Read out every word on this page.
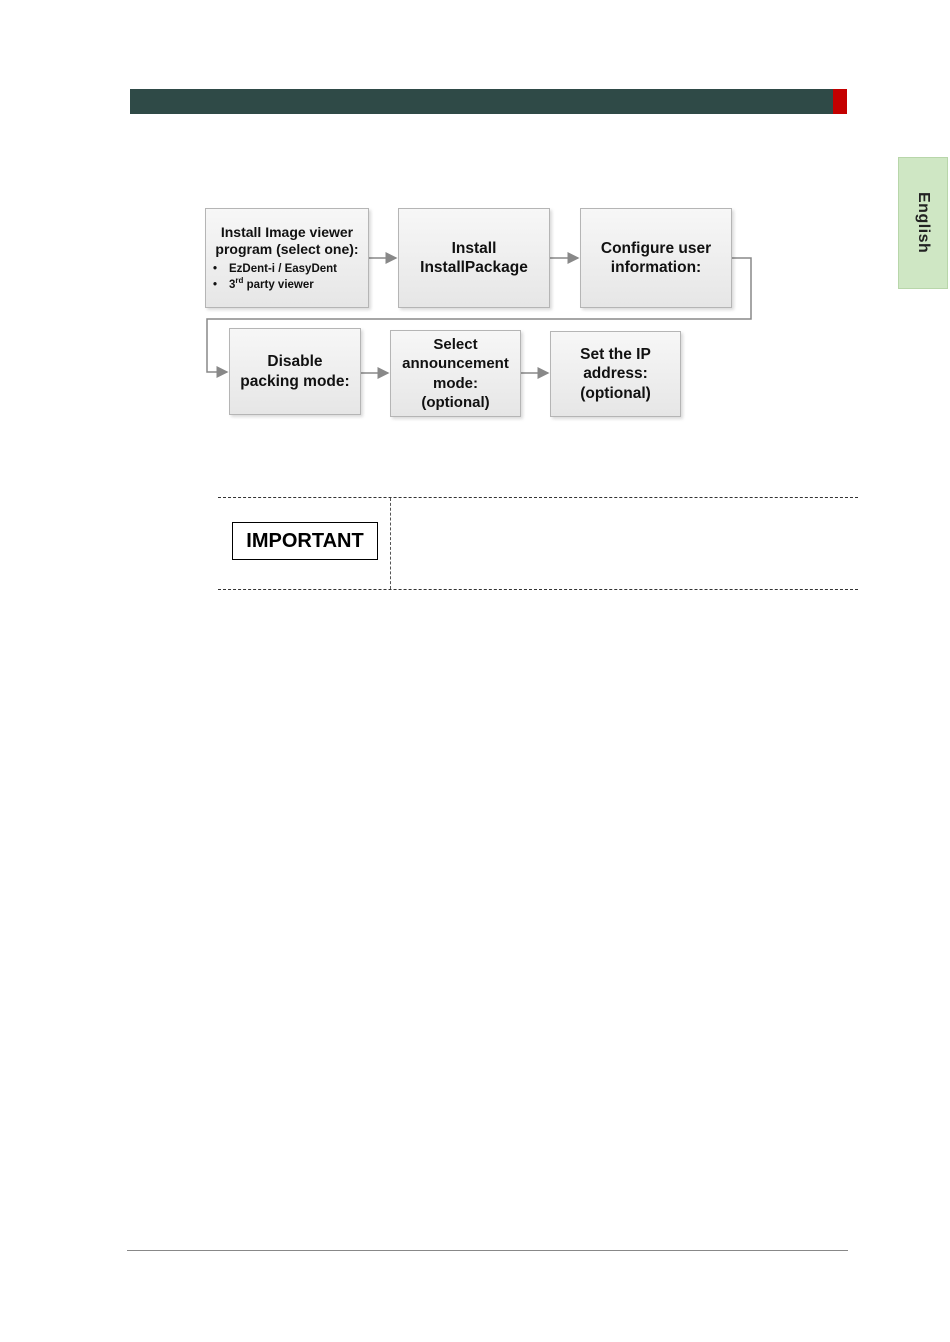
English
Install Image viewer program (select one):
• EzDent-i / EasyDent
• 3rd party viewer
Install
InstallPackage
Configure user
information:
Disable
packing mode:
Select
announcement
mode:
(optional)
Set the IP
address:
(optional)
IMPORTANT
